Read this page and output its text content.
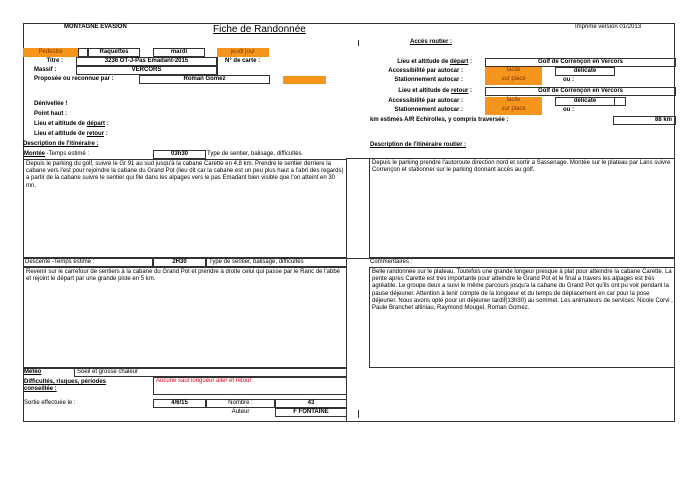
MONTAGNE EVASION	Fiche de Randonnée	Imprimé version 01/2013
Pédestre	Raquettes	mardi	jeudi jour
Titre :	3236 OT-J-Pas Emadant-2015	N° de carte :
Massif :	VERCORS
Proposée ou reconnue par :	Roman Gomez
Dénivellée !
Point haut :
Lieu et altitude de départ :
Lieu et altitude de retour :
Description de l'itinéraire :
Montée -Temps estimé :	03h30	Type de sentier, balisage, difficultés
Depuis le parking du golf, suivre le Gr 91 au sud jusqu'à la cabane Carette en 4.8 km. Prendre le sentier derriere la cabane vers l'est pour rejoindre la cabane du Grand Pot (lieu dit car la cabane est un peu plus haut a l'abri des regards) a partir de la cabane suivre le sentier qui file dans les alpages vers le pas Emadant bien visible que l'on atteint en 30 mn.
Descente -Temps estimé :	2H30	Type de sentier, balisage, difficultés
Revenir sur le carrefour de sentiers à la cabane du Grand Pot et prendre à droite celui qui passe par le Ranc de l'abbé et rejoint le départ par une grande piste en 5 km.
Accès routier :
Lieu et altitude de départ :	Golf de Corrençon en Vercors
Accessibilité par autocar :	facile	délicate
Stationnement autocar :	sur place	ou :
Lieu et altitude de retour :	Golf de Corrençon en Vercors
Accessibilité par autocar :	facile	délicate
Stationnement autocar :	sur place	ou :
km estimés A/R Echirolles, y compris traversée :	88 km
Description de l'itinéraire routier :
Depuis le parking prendre l'autoroute direction nord et sortir a Sassenage. Montée sur le plateau par Lans suivre Corrençon et stationner sur le parking donnant accès au golf.
Commentaires :
Belle randonnée sur le plateau. Toutefois une grande longeur presque à plat pour atteindre la cabane Carette. La pente apres Carette est tres importante pour atteindre le Grand Pot et le final a travers les alpages est très agréable. Le groupe deux a suivi le même parcours jusqu'a la cabane du Grand Pot qu'ils ont pu voir pendant la pause déjeuner. Attention à tenir compte de la longueur et du temps de déplacement en car pour la pose déjeuner. Nous avons opté pour un déjeuner tardif(13h30) au sommet. Les animateurs de services: Nicole Corvi , Paule Branchet altiniau, Raymond Mougel, Roman Gomez.
Météo	Soeil et grosse chaleur
Difficultés, risques, périodes conseillée :
Aucune sauf longueur aller et retour
Sortie effectuée le :	4/6/15	Nombre :	43
Auteur	F FONTAINE
